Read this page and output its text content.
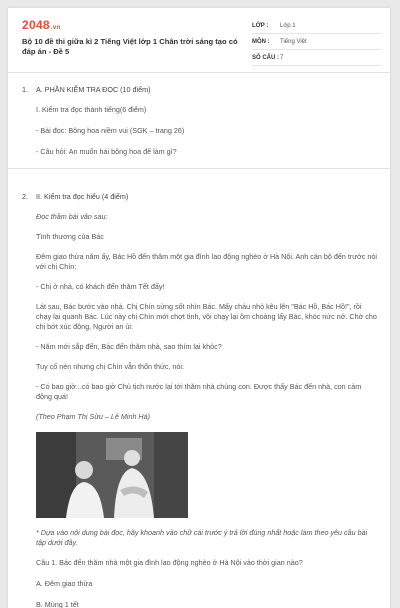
2048.vn
Bộ 10 đề thi giữa kì 2 Tiếng Việt lớp 1 Chân trời sáng tạo có đáp án - Đề 5
LỚP :	Lớp 1
MÔN :	Tiếng Việt
SỐ CÂU : 7
1.	A. PHẦN KIỂM TRA ĐỌC (10 điểm)
I. Kiểm tra đọc thành tiếng(6 điểm)
- Bài đọc: Bông hoa niềm vui (SGK – trang 26)
- Câu hỏi: An muốn hái bông hoa để làm gì?
2.	II. Kiểm tra đọc hiểu (4 điểm)
Đọc thầm bài văn sau:
Tình thương của Bác
Đêm giao thừa năm ấy, Bác Hồ đến thăm một gia đình lao động nghèo ở Hà Nội. Anh cán bộ đến trước nói với chị Chín:
- Chị ở nhà, có khách đến thăm Tết đấy!
Lát sau, Bác bước vào nhà. Chị Chín sửng sốt nhìn Bác. Mấy cháu nhỏ kêu lên "Bác Hồ, Bác Hồ!", rồi chạy lại quanh Bác. Lúc này chị Chín mới chợt tỉnh, vội chạy lại ôm choàng lấy Bác, khóc nức nở. Chờ cho chị bớt xúc động, Người an ủi:
- Năm mới sắp đến, Bác đến thăm nhà, sao thím lại khóc?
Tuy cố nén nhưng chị Chín vẫn thổn thức, nói:
- Có bao giờ...có bao giờ Chủ tịch nước lại tới thăm nhà chúng con. Được thấy Bác đến nhà, con cảm động quá!
(Theo Phạm Thị Sửu – Lê Minh Hà)
* Dựa vào nội dung bài đọc, hãy khoanh vào chữ cái trước ý trả lời đúng nhất hoặc làm theo yêu cầu bài tập dưới đây.
Câu 1. Bác đến thăm nhà một gia đình lao động nghèo ở Hà Nội vào thời gian nào?
A. Đêm giao thừa
B. Mùng 1 tết
